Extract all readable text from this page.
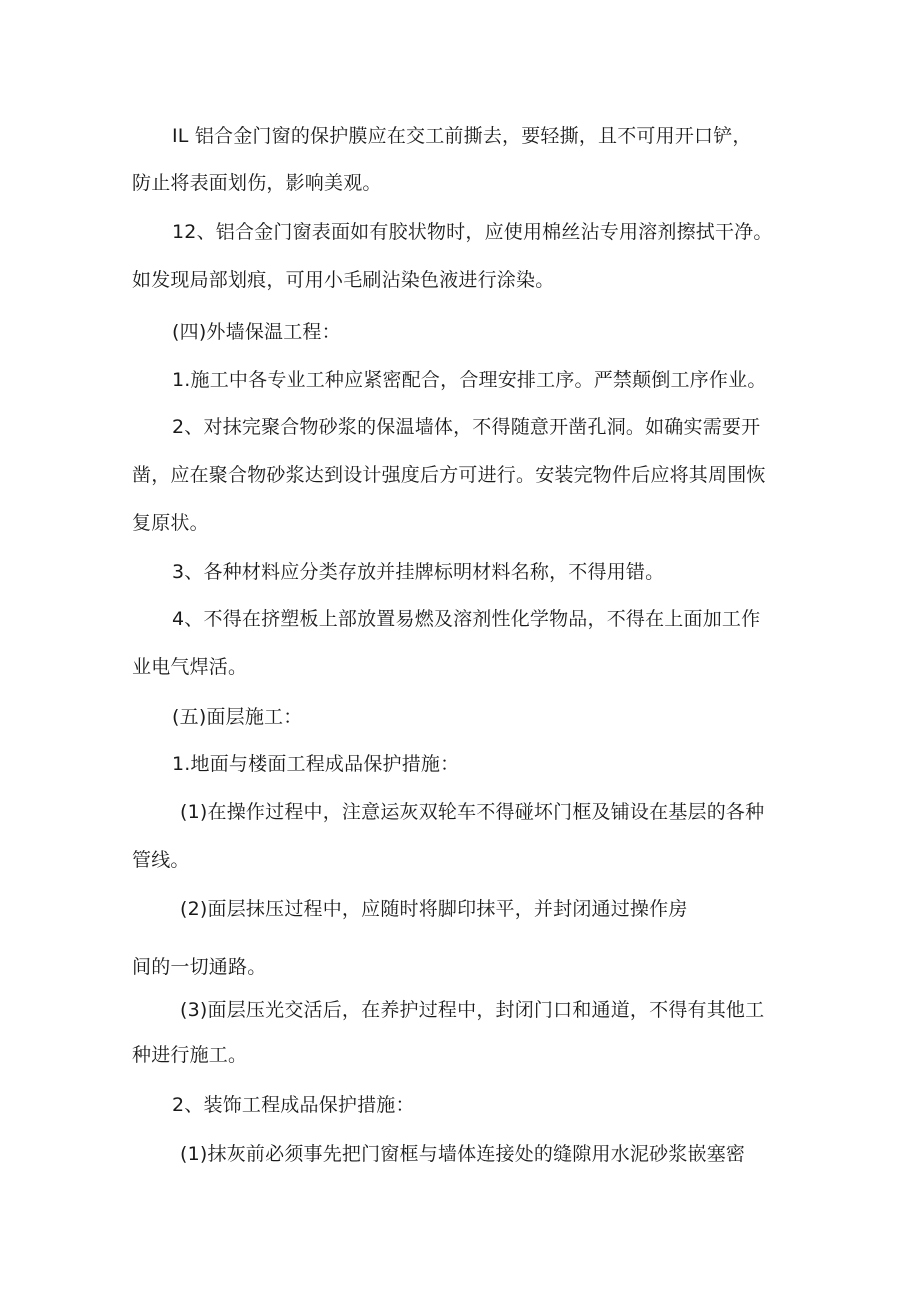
IL 铝合金门窗的保护膜应在交工前撕去，要轻撕，且不可用开口铲，
防止将表面划伤，影响美观。
12、铝合金门窗表面如有胶状物时，应使用棉丝沾专用溶剂擦拭干净。
如发现局部划痕，可用小毛刷沾染色液进行涂染。
(四)外墙保温工程：
1.施工中各专业工种应紧密配合，合理安排工序。严禁颠倒工序作业。
2、对抹完聚合物砂浆的保温墙体，不得随意开凿孔洞。如确实需要开
凿，应在聚合物砂浆达到设计强度后方可进行。安装完物件后应将其周围恢
复原状。
3、各种材料应分类存放并挂牌标明材料名称，不得用错。
4、不得在挤塑板上部放置易燃及溶剂性化学物品，不得在上面加工作
业电气焊活。
(五)面层施工：
1.地面与楼面工程成品保护措施：
(1)在操作过程中，注意运灰双轮车不得碰坏门框及铺设在基层的各种
管线。
(2)面层抹压过程中，应随时将脚印抹平，并封闭通过操作房
间的一切通路。
(3)面层压光交活后，在养护过程中，封闭门口和通道，不得有其他工
种进行施工。
2、装饰工程成品保护措施：
(1)抹灰前必须事先把门窗框与墙体连接处的缝隙用水泥砂浆嵌塞密
